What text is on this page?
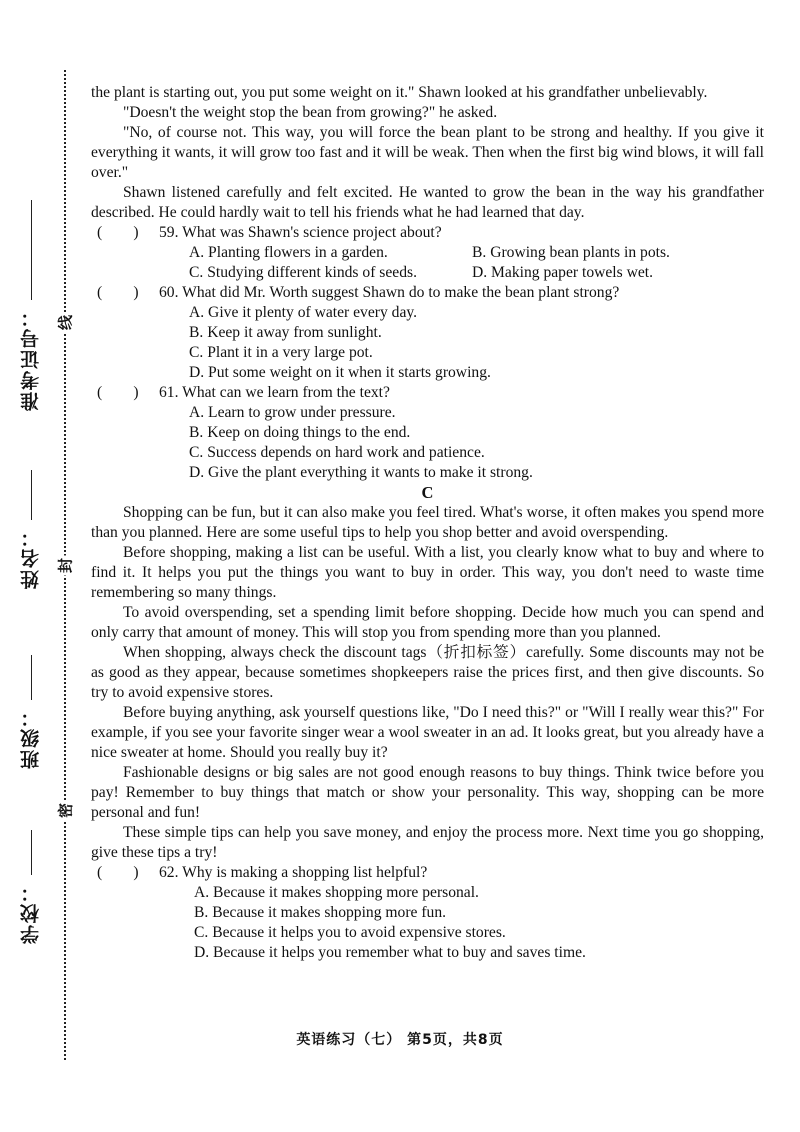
准考证号：
姓名：
班级：
学校：
线
封
密

the plant is starting out, you put some weight on it." Shawn looked at his grandfather unbelievably.

"Doesn't the weight stop the bean from growing?" he asked.

"No, of course not. This way, you will force the bean plant to be strong and healthy. If you give it everything it wants, it will grow too fast and it will be weak. Then when the first big wind blows, it will fall over."

Shawn listened carefully and felt excited. He wanted to grow the bean in the way his grandfather described. He could hardly wait to tell his friends what he had learned that day.

(        )	59. What was Shawn's science project about?
A. Planting flowers in a garden.	B. Growing bean plants in pots.
C. Studying different kinds of seeds.	D. Making paper towels wet.
(        )	60. What did Mr. Worth suggest Shawn do to make the bean plant strong?
A. Give it plenty of water every day.
B. Keep it away from sunlight.
C. Plant it in a very large pot.
D. Put some weight on it when it starts growing.
(        )	61. What can we learn from the text?
A. Learn to grow under pressure.
B. Keep on doing things to the end.
C. Success depends on hard work and patience.
D. Give the plant everything it wants to make it strong.
C

Shopping can be fun, but it can also make you feel tired. What's worse, it often makes you spend more than you planned. Here are some useful tips to help you shop better and avoid overspending.

Before shopping, making a list can be useful. With a list, you clearly know what to buy and where to find it. It helps you put the things you want to buy in order. This way, you don't need to waste time remembering so many things.

To avoid overspending, set a spending limit before shopping. Decide how much you can spend and only carry that amount of money. This will stop you from spending more than you planned.

When shopping, always check the discount tags（折扣标签）carefully. Some discounts may not be as good as they appear, because sometimes shopkeepers raise the prices first, and then give discounts. So try to avoid expensive stores.

Before buying anything, ask yourself questions like, "Do I need this?" or "Will I really wear this?" For example, if you see your favorite singer wear a wool sweater in an ad. It looks great, but you already have a nice sweater at home. Should you really buy it?

Fashionable designs or big sales are not good enough reasons to buy things. Think twice before you pay! Remember to buy things that match or show your personality. This way, shopping can be more personal and fun!

These simple tips can help you save money, and enjoy the process more. Next time you go shopping, give these tips a try!

(        )	62. Why is making a shopping list helpful?
A. Because it makes shopping more personal.
B. Because it makes shopping more fun.
C. Because it helps you to avoid expensive stores.
D. Because it helps you remember what to buy and saves time.
英语练习（七） 第5页，共8页
